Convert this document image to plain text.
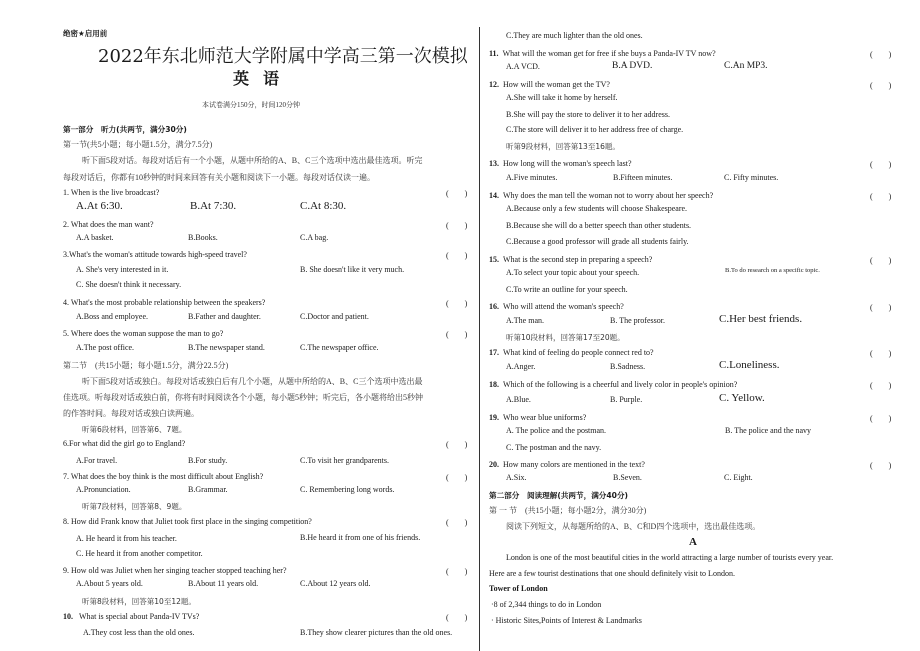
绝密★启用前
2022年东北师范大学附属中学高三第一次模拟
英语
本试卷满分150分，时间120分钟
第一部分　听力(共两节，满分30分)
第一节(共5小题；每小题1.5分，满分7.5分)
听下面5段对话。每段对话后有一个小题，从题中所给的A、B、C三个选项中选出最佳选项。听完
每段对话后，你都有10秒钟的时间来回答有关小题和阅读下一小题。每段对话仅读一遍。
1. When is the live broadcast?	(　　)
A.At 6:30.	B.At 7:30.	C.At 8:30.
2. What does the man want?	(　　)
A.A basket.	B.Books.	C.A bag.
3.What's the woman's attitude towards high-speed travel?	(　　)
A. She's very interested in it.	B. She doesn't like it very much.
C. She doesn't think it necessary.
4. What's the most probable relationship between the speakers?	(　　)
A.Boss and employee.	B.Father and daughter.	C.Doctor and patient.
5. Where does the woman suppose the man to go?	(　　)
A.The post office.	B.The newspaper stand.	C.The newspaper office.
第二节　(共15小题；每小题1.5分，满分22.5分)
听下面5段对话或独白。每段对话或独白后有几个小题，从题中所给的A、B、C三个选项中选出最
佳选项。听每段对话或独白前，你将有时间阅读各个小题，每小题5秒钟；听完后，各小题将给出5秒钟
的作答时间。每段对话或独白读两遍。
听第6段材料，回答第6、7题。
6.For what did the girl go to England?	(　　)
A.For travel.	B.For study.	C.To visit her grandparents.
7. What does the boy think is the most difficult about English?	(　　)
A.Pronunciation.	B.Grammar.	C. Remembering long words.
听第7段材料，回答第8、9题。
8. How did Frank know that Juliet took first place in the singing competition?	(　　)
A. He heard it from his teacher.	B.He heard it from one of his friends.
C. He heard it from another competitor.
9. How old was Juliet when her singing teacher stopped teaching her?	(　　)
A.About 5 years old.	B.About 11 years old.	C.About 12 years old.
听第8段材料，回答第10至12题。
10. What is special about Panda-IV TVs?	(　　)
A.They cost less than the old ones.	B.They show clearer pictures than the old ones.
C.They are much lighter than the old ones.
11. What will the woman get for free if she buys a Panda-IV TV now?	(　　)
A.A VCD.	B.A DVD.	C.An MP3.
12. How will the woman get the TV?	(　　)
A.She will take it home by herself.
B.She will pay the store to deliver it to her address.
C.The store will deliver it to her address free of charge.
听第9段材料，回答第13至16题。
13. How long will the woman's speech last?	(　　)
A.Five minutes.	B.Fifteen minutes.	C. Fifty minutes.
14. Why does the man tell the woman not to worry about her speech?	(　　)
A.Because only a few students will choose Shakespeare.
B.Because she will do a better speech than other students.
C.Because a good professor will grade all students fairly.
15. What is the second step in preparing a speech?	(　　)
A.To select your topic about your speech.	B.To do research on a specific topic.
C.To write an outline for your speech.
16. Who will attend the woman's speech?	(　　)
A.The man.	B. The professor.	C.Her best friends.
听第10段材料，回答第17至20题。
17. What kind of feeling do people connect red to?	(　　)
A.Anger.	B.Sadness.	C.Loneliness.
18. Which of the following is a cheerful and lively color in people's opinion?	(　　)
A.Blue.	B. Purple.	C. Yellow.
19. Who wear blue uniforms?	(　　)
A. The police and the postman.	B. The police and the navy
C. The postman and the navy.
20. How many colors are mentioned in the text?	(　　)
A.Six.	B.Seven.	C. Eight.
第二部分　阅读理解(共两节，满分40分)
第 一 节　(共15小题；每小题2分，满分30分)
阅读下列短文，从每题所给的A、B、C和D四个选项中，选出最佳选项。
A
London is one of the most beautiful cities in the world attracting a large number of tourists every year.
Here are a few tourist destinations that one should definitely visit to London.
Tower of London
·8 of 2,344 things to do in London
· Historic Sites,Points of Interest & Landmarks
